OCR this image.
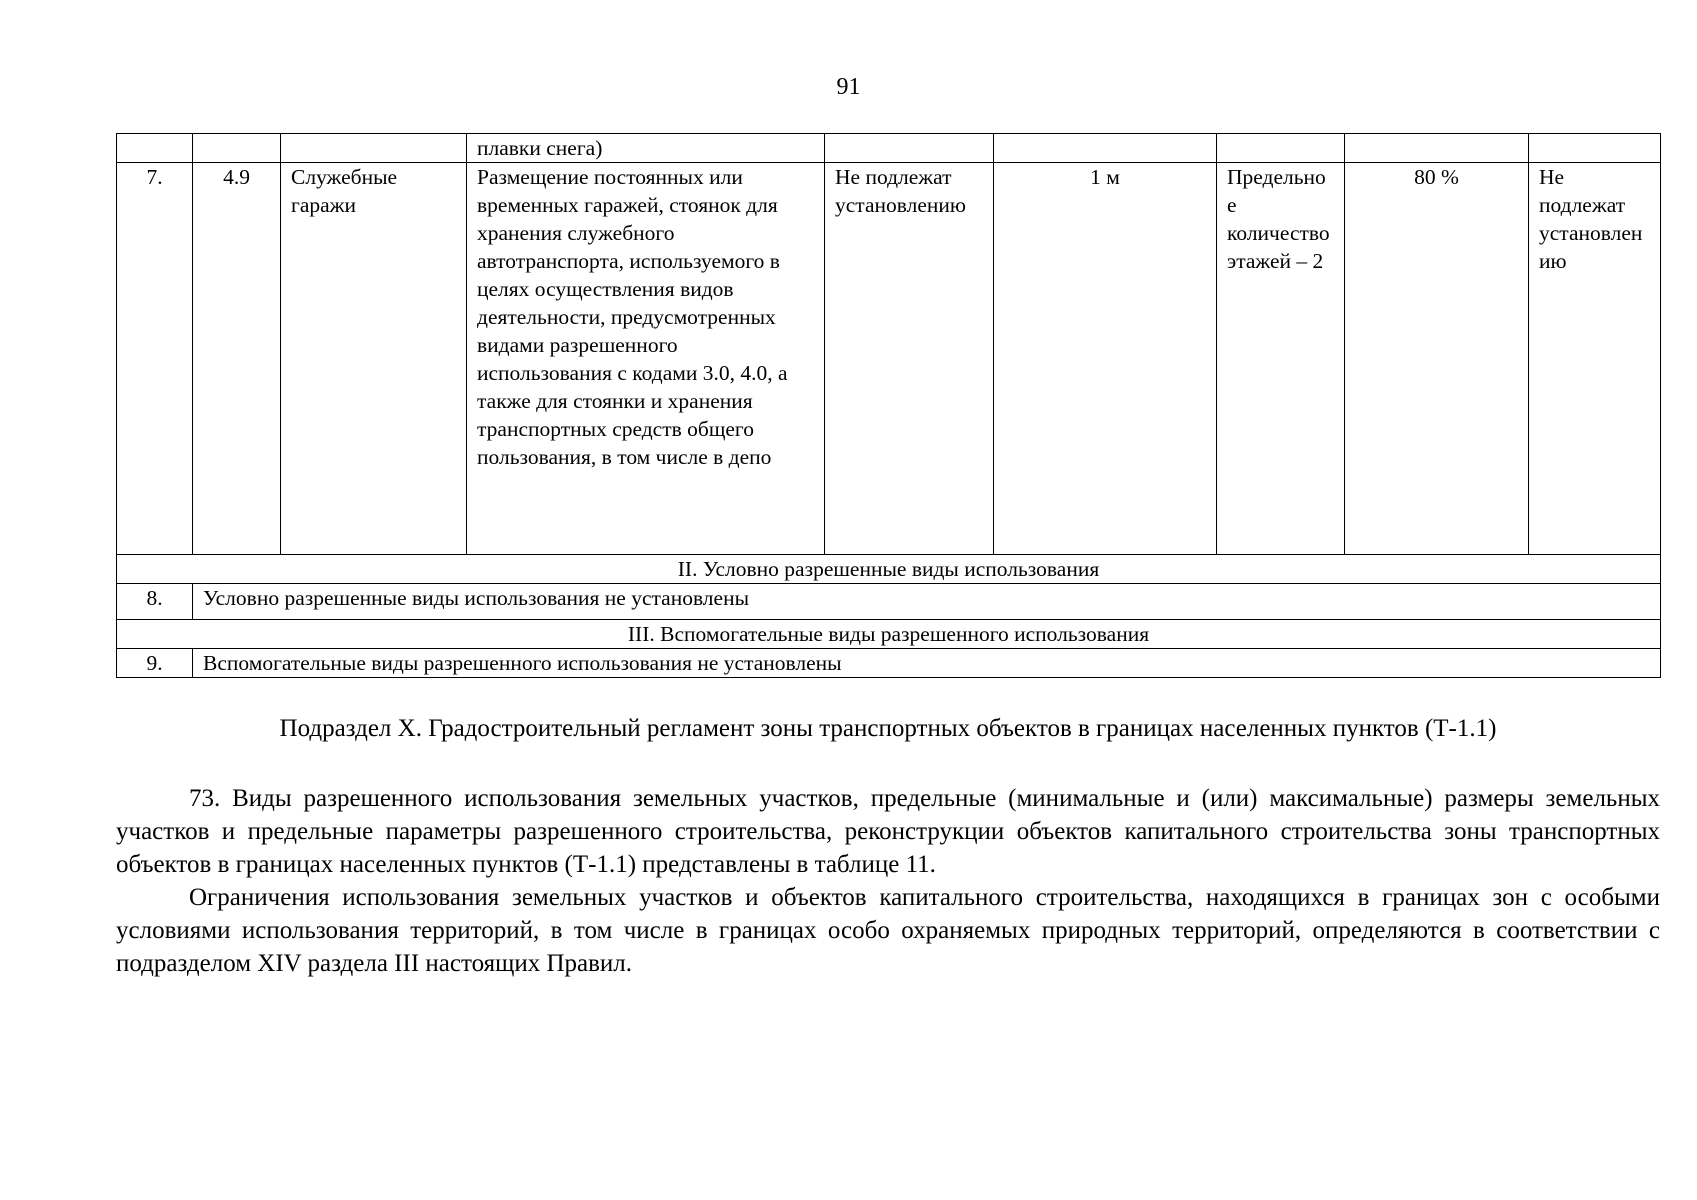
91
			плавки снега)					
7.	4.9	Служебные гаражи	Размещение постоянных или временных гаражей, стоянок для хранения служебного автотранспорта, используемого в целях осуществления видов деятельности, предусмотренных видами разрешенного использования с кодами 3.0, 4.0, а также для стоянки и хранения транспортных средств общего пользования, в том числе в депо	Не подлежат установлению	1 м	Предельное количество этажей – 2	80 %	Не подлежат установлению
II. Условно разрешенные виды использования								
8.	Условно разрешенные виды использования не установлены							
III. Вспомогательные виды разрешенного использования								
9.	Вспомогательные виды разрешенного использования не установлены							
Подраздел X. Градостроительный регламент зоны транспортных объектов в границах населенных пунктов (Т-1.1)

73. Виды разрешенного использования земельных участков, предельные (минимальные и (или) максимальные) размеры земельных участков и предельные параметры разрешенного строительства, реконструкции объектов капитального строительства зоны транспортных объектов в границах населенных пунктов (Т-1.1) представлены в таблице 11.

Ограничения использования земельных участков и объектов капитального строительства, находящихся в границах зон с особыми условиями использования территорий, в том числе в границах особо охраняемых природных территорий, определяются в соответствии с подразделом XIV раздела III настоящих Правил.
